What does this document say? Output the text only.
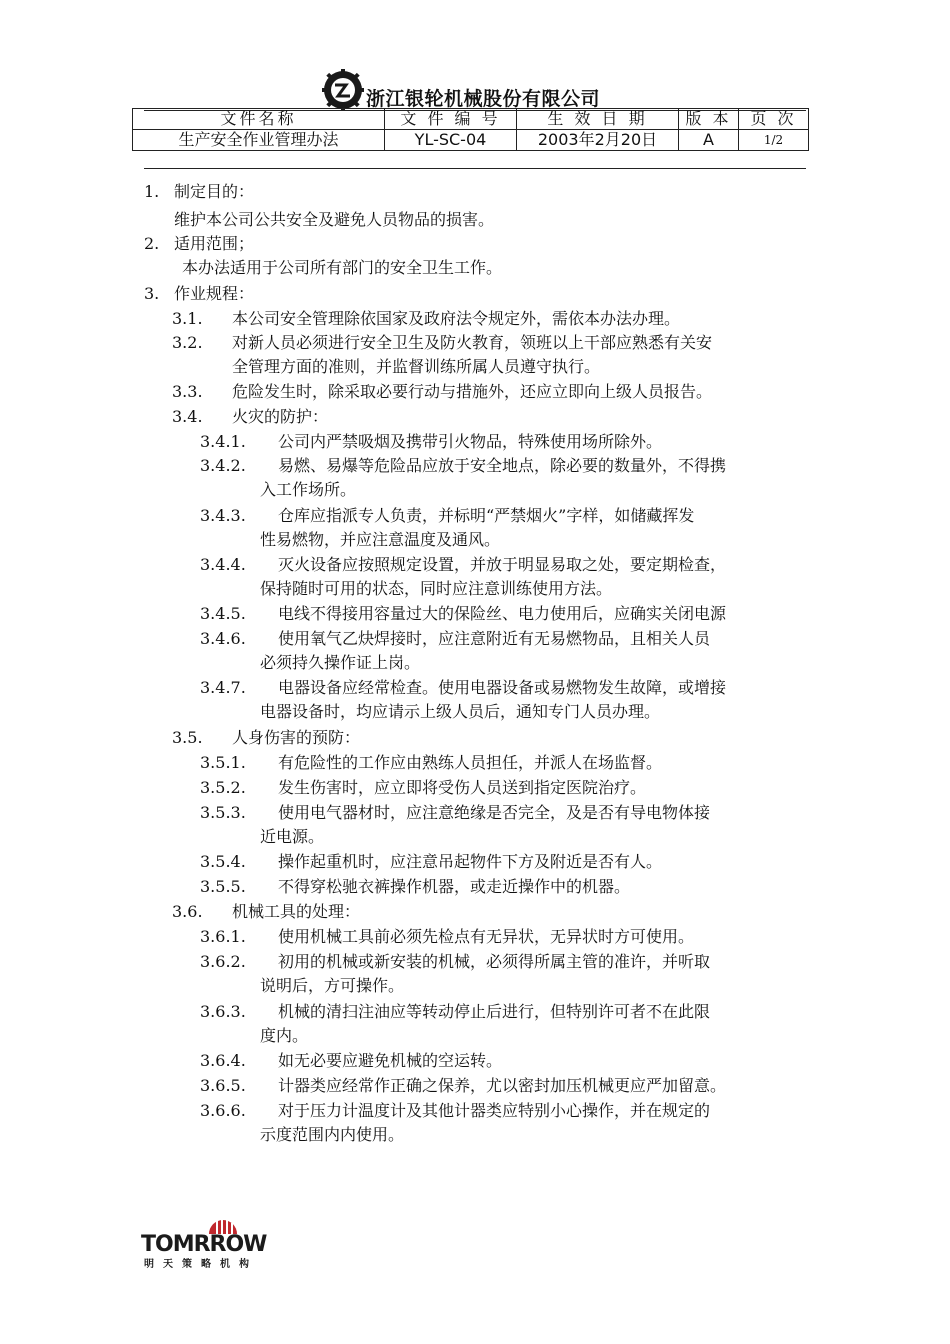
浙江银轮机械股份有限公司
文件名称	文 件 编 号	生 效 日 期	版 本	页 次
生产安全作业管理办法	YL-SC-04	2003年2月20日	A	1/2
1. 制定目的：
维护本公司公共安全及避免人员物品的损害。
2. 适用范围；
本办法适用于公司所有部门的安全卫生工作。
3. 作业规程：
3.1. 本公司安全管理除依国家及政府法令规定外，需依本办法办理。
3.2. 对新人员必须进行安全卫生及防火教育，领班以上干部应熟悉有关安
全管理方面的准则，并监督训练所属人员遵守执行。
3.3. 危险发生时，除采取必要行动与措施外，还应立即向上级人员报告。
3.4. 火灾的防护：
3.4.1. 公司内严禁吸烟及携带引火物品，特殊使用场所除外。
3.4.2. 易燃、易爆等危险品应放于安全地点，除必要的数量外，不得携
入工作场所。
3.4.3. 仓库应指派专人负责，并标明“严禁烟火”字样，如储藏挥发
性易燃物，并应注意温度及通风。
3.4.4. 灭火设备应按照规定设置，并放于明显易取之处，要定期检查，
保持随时可用的状态，同时应注意训练使用方法。
3.4.5. 电线不得接用容量过大的保险丝、电力使用后，应确实关闭电源
3.4.6. 使用氧气乙炔焊接时，应注意附近有无易燃物品，且相关人员
必须持久操作证上岗。
3.4.7. 电器设备应经常检查。使用电器设备或易燃物发生故障，或增接
电器设备时，均应请示上级人员后，通知专门人员办理。
3.5. 人身伤害的预防：
3.5.1. 有危险性的工作应由熟练人员担任，并派人在场监督。
3.5.2. 发生伤害时，应立即将受伤人员送到指定医院治疗。
3.5.3. 使用电气器材时，应注意绝缘是否完全，及是否有导电物体接
近电源。
3.5.4. 操作起重机时，应注意吊起物件下方及附近是否有人。
3.5.5. 不得穿松驰衣裤操作机器，或走近操作中的机器。
3.6. 机械工具的处理：
3.6.1. 使用机械工具前必须先检点有无异状，无异状时方可使用。
3.6.2. 初用的机械或新安装的机械，必须得所属主管的准许，并听取
说明后，方可操作。
3.6.3. 机械的清扫注油应等转动停止后进行，但特别许可者不在此限
度内。
3.6.4. 如无必要应避免机械的空运转。
3.6.5. 计器类应经常作正确之保养，尤以密封加压机械更应严加留意。
3.6.6. 对于压力计温度计及其他计器类应特别小心操作，并在规定的
示度范围内内使用。
TOMRROW
明天策略机构
